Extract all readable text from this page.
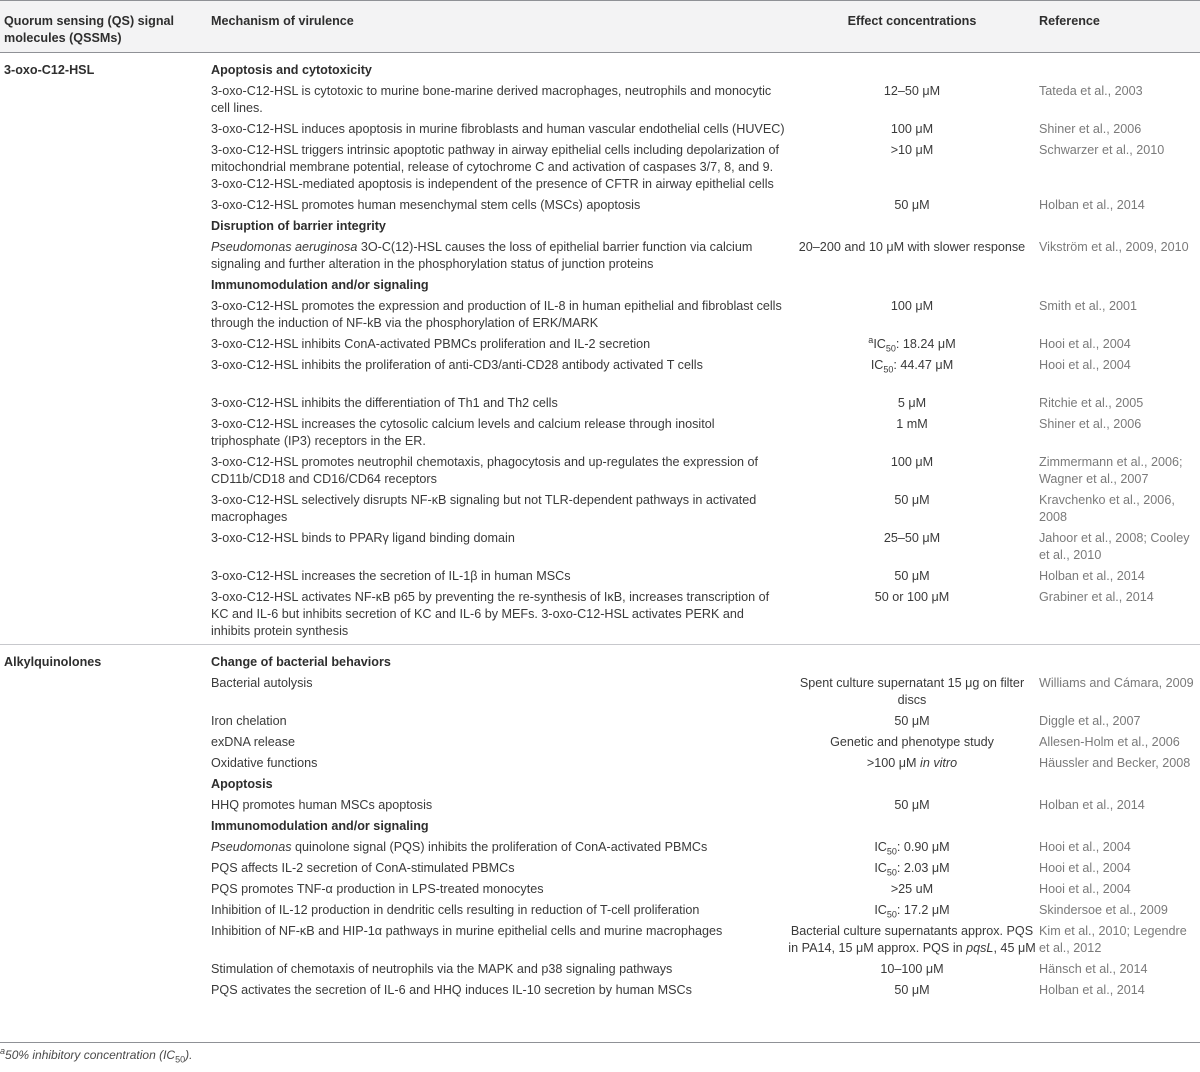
Quorum sensing (QS) signal molecules (QSSMs)	Mechanism of virulence	Effect concentrations	Reference
3-oxo-C12-HSL	Apoptosis and cytotoxicity		
	3-oxo-C12-HSL is cytotoxic to murine bone-marine derived macrophages, neutrophils and monocytic cell lines.	12–50 μM	Tateda et al., 2003
	3-oxo-C12-HSL induces apoptosis in murine fibroblasts and human vascular endothelial cells (HUVEC)	100 μM	Shiner et al., 2006
	3-oxo-C12-HSL triggers intrinsic apoptotic pathway in airway epithelial cells including depolarization of mitochondrial membrane potential, release of cytochrome C and activation of caspases 3/7, 8, and 9. 3-oxo-C12-HSL-mediated apoptosis is independent of the presence of CFTR in airway epithelial cells	>10 μM	Schwarzer et al., 2010
	3-oxo-C12-HSL promotes human mesenchymal stem cells (MSCs) apoptosis	50 μM	Holban et al., 2014
	Disruption of barrier integrity		
	Pseudomonas aeruginosa 3O-C(12)-HSL causes the loss of epithelial barrier function via calcium signaling and further alteration in the phosphorylation status of junction proteins	20–200 and 10 μM with slower response	Vikström et al., 2009, 2010
	Immunomodulation and/or signaling		
	3-oxo-C12-HSL promotes the expression and production of IL-8 in human epithelial and fibroblast cells through the induction of NF-kB via the phosphorylation of ERK/MARK	100 μM	Smith et al., 2001
	3-oxo-C12-HSL inhibits ConA-activated PBMCs proliferation and IL-2 secretion	$^aIC_{50}$: 18.24 μM	Hooi et al., 2004
	3-oxo-C12-HSL inhibits the proliferation of anti-CD3/anti-CD28 antibody activated T cells	$IC_{50}$: 44.47 μM	Hooi et al., 2004
	3-oxo-C12-HSL inhibits the differentiation of Th1 and Th2 cells	5 μM	Ritchie et al., 2005
	3-oxo-C12-HSL increases the cytosolic calcium levels and calcium release through inositol triphosphate (IP3) receptors in the ER.	1 mM	Shiner et al., 2006
	3-oxo-C12-HSL promotes neutrophil chemotaxis, phagocytosis and up-regulates the expression of CD11b/CD18 and CD16/CD64 receptors	100 μM	Zimmermann et al., 2006; Wagner et al., 2007
	3-oxo-C12-HSL selectively disrupts NF-κB signaling but not TLR-dependent pathways in activated macrophages	50 μM	Kravchenko et al., 2006, 2008
	3-oxo-C12-HSL binds to PPARγ ligand binding domain	25–50 μM	Jahoor et al., 2008; Cooley et al., 2010
	3-oxo-C12-HSL increases the secretion of IL-1β in human MSCs	50 μM	Holban et al., 2014
	3-oxo-C12-HSL activates NF-κB p65 by preventing the re-synthesis of IκB, increases transcription of KC and IL-6 but inhibits secretion of KC and IL-6 by MEFs. 3-oxo-C12-HSL activates PERK and inhibits protein synthesis	50 or 100 μM	Grabiner et al., 2014
Alkylquinolones	Change of bacterial behaviors		
	Bacterial autolysis	Spent culture supernatant 15 μg on filter discs	Williams and Cámara, 2009
	Iron chelation	50 μM	Diggle et al., 2007
	exDNA release	Genetic and phenotype study	Allesen-Holm et al., 2006
	Oxidative functions	>100 μM in vitro	Häussler and Becker, 2008
	Apoptosis		
	HHQ promotes human MSCs apoptosis	50 μM	Holban et al., 2014
	Immunomodulation and/or signaling		
	Pseudomonas quinolone signal (PQS) inhibits the proliferation of ConA-activated PBMCs	$IC_{50}$: 0.90 μM	Hooi et al., 2004
	PQS affects IL-2 secretion of ConA-stimulated PBMCs	$IC_{50}$: 2.03 μM	Hooi et al., 2004
	PQS promotes TNF-α production in LPS-treated monocytes	>25 uM	Hooi et al., 2004
	Inhibition of IL-12 production in dendritic cells resulting in reduction of T-cell proliferation	$IC_{50}$: 17.2 μM	Skindersoe et al., 2009
	Inhibition of NF-κB and HIP-1α pathways in murine epithelial cells and murine macrophages	Bacterial culture supernatants approx. PQS in PA14, 15 μM approx. PQS in pqsL, 45 μM	Kim et al., 2010; Legendre et al., 2012
	Stimulation of chemotaxis of neutrophils via the MAPK and p38 signaling pathways	10–100 μM	Hänsch et al., 2014
	PQS activates the secretion of IL-6 and HHQ induces IL-10 secretion by human MSCs	50 μM	Holban et al., 2014
$^a$50% inhibitory concentration $(IC_{50})$.
